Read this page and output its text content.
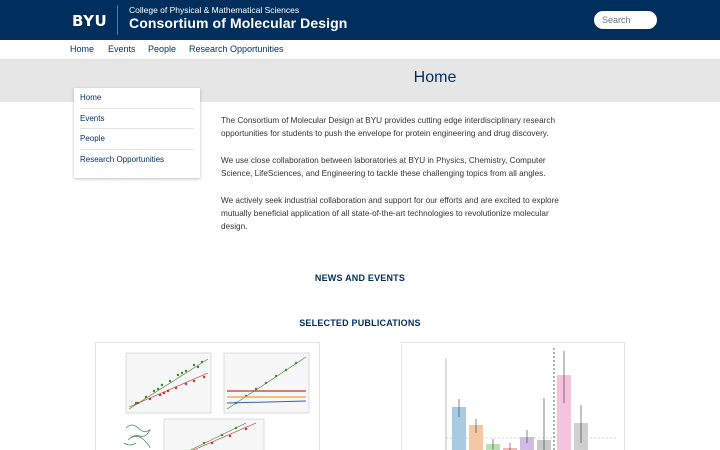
BYU
College of Physical & Mathematical Sciences
Consortium of Molecular Design
Search
Home Events People Research Opportunities
Home
Home
Events
People
Research Opportunities

The Consortium of Molecular Design at BYU provides cutting edge interdisciplinary research opportunities for students to push the envelope for protein engineering and drug discovery.

We use close collaboration between laboratories at BYU in Physics, Chemistry, Computer Science, LifeSciences, and Engineering to tackle these challenging topics from all angles.

We actively seek industrial collaboration and support for our efforts and are excited to explore mutually beneficial application of all state-of-the-art technologies to revolutionize molecular design.

NEWS AND EVENTS
SELECTED PUBLICATIONS
